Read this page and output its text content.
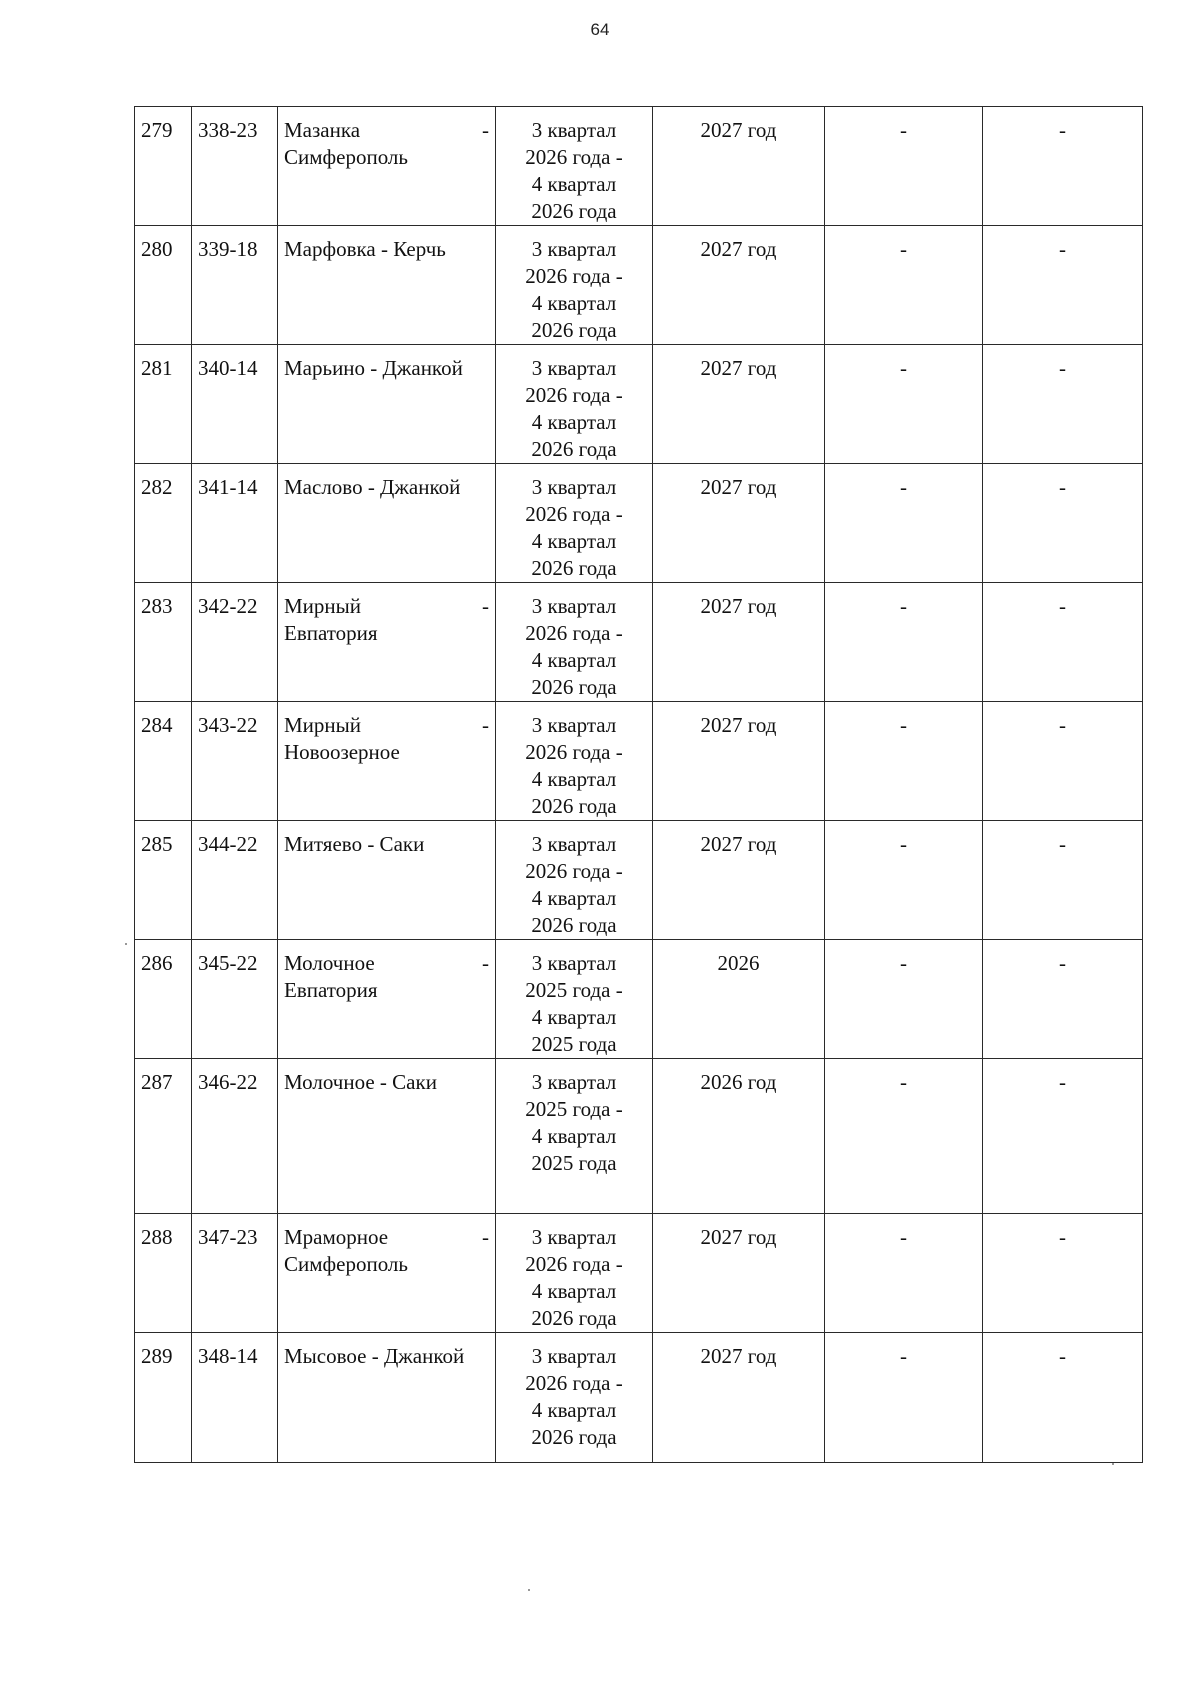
64
279	338-23	Мазанка -
Симферополь	3 квартал
2026 года -
4 квартал
2026 года	2027 год	-	-
280	339-18	Марфовка - Керчь	3 квартал
2026 года -
4 квартал
2026 года	2027 год	-	-
281	340-14	Марьино - Джанкой	3 квартал
2026 года -
4 квартал
2026 года	2027 год	-	-
282	341-14	Маслово - Джанкой	3 квартал
2026 года -
4 квартал
2026 года	2027 год	-	-
283	342-22	Мирный -
Евпатория	3 квартал
2026 года -
4 квартал
2026 года	2027 год	-	-
284	343-22	Мирный -
Новоозерное	3 квартал
2026 года -
4 квартал
2026 года	2027 год	-	-
285	344-22	Митяево - Саки	3 квартал
2026 года -
4 квартал
2026 года	2027 год	-	-
286	345-22	Молочное -
Евпатория	3 квартал
2025 года -
4 квартал
2025 года	2026	-	-
287	346-22	Молочное - Саки	3 квартал
2025 года -
4 квартал
2025 года	2026 год	-	-
288	347-23	Мраморное -
Симферополь	3 квартал
2026 года -
4 квартал
2026 года	2027 год	-	-
289	348-14	Мысовое - Джанкой	3 квартал
2026 года -
4 квартал
2026 года	2027 год	-	-
